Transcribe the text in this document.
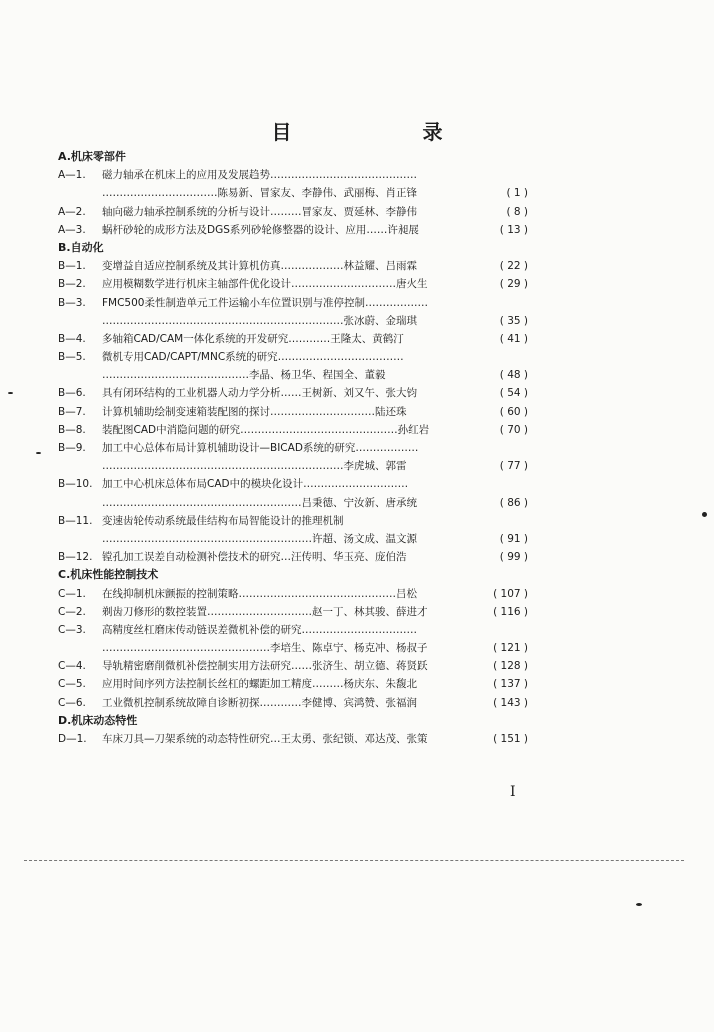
目 录
A.机床零部件
A—1.	磁力轴承在机床上的应用及发展趋势……………………………………
……………………………陈易新、冒家友、李静伟、武丽梅、肖正锋	( 1 )
A—2.	轴向磁力轴承控制系统的分析与设计………冒家友、贾延林、李静伟	( 8 )
A—3.	蜗杆砂轮的成形方法及DGS系列砂轮修整器的设计、应用……许昶展	( 13 )
B.自动化
B—1.	变增益自适应控制系统及其计算机仿真………………林益耀、吕雨霖	( 22 )
B—2.	应用模糊数学进行机床主轴部件优化设计…………………………唐火生	( 29 )
B—3.	FMC500柔性制造单元工件运输小车位置识别与准停控制………………
……………………………………………………………张冰蔚、金瑞琪	( 35 )
B—4.	多轴箱CAD/CAM一体化系统的开发研究…………王隆太、黄鹤汀	( 41 )
B—5.	微机专用CAD/CAPT/MNC系统的研究………………………………
……………………………………李晶、杨卫华、程国全、董毅	( 48 )
B—6.	具有闭环结构的工业机器人动力学分析……王树新、刘又午、张大钧	( 54 )
B—7.	计算机辅助绘制变速箱装配图的探讨…………………………陆还珠	( 60 )
B—8.	装配图CAD中消隐问题的研究………………………………………孙红岩	( 70 )
B—9.	加工中心总体布局计算机辅助设计—BICAD系统的研究………………
……………………………………………………………李虎城、郭雷	( 77 )
B—10. 加工中心机床总体布局CAD中的模块化设计…………………………
…………………………………………………吕秉德、宁汝新、唐承统	( 86 )
B—11. 变速齿轮传动系统最佳结构布局智能设计的推理机制
……………………………………………………许超、汤文成、温文源	( 91 )
B—12. 镗孔加工误差自动检测补偿技术的研究…汪传明、华玉亮、庞伯浩	( 99 )
C.机床性能控制技术
C—1.	在线抑制机床颤振的控制策略………………………………………吕松	( 107 )
C—2.	剃齿刀修形的数控装置…………………………赵一丁、林其骏、薛进才	( 116 )
C—3.	高精度丝杠磨床传动链误差微机补偿的研究……………………………
…………………………………………李培生、陈卓宁、杨克冲、杨叔子	( 121 )
C—4.	导轨精密磨削微机补偿控制实用方法研究……张济生、胡立德、蒋贤跃	( 128 )
C—5.	应用时间序列方法控制长丝杠的螺距加工精度………杨庆东、朱馥北	( 137 )
C—6.	工业微机控制系统故障自诊断初探…………李健博、宾鸿赞、张福润	( 143 )
D.机床动态特性
D—1.	车床刀具—刀架系统的动态特性研究…王太勇、张纪锁、邓达茂、张策	( 151 )
I
